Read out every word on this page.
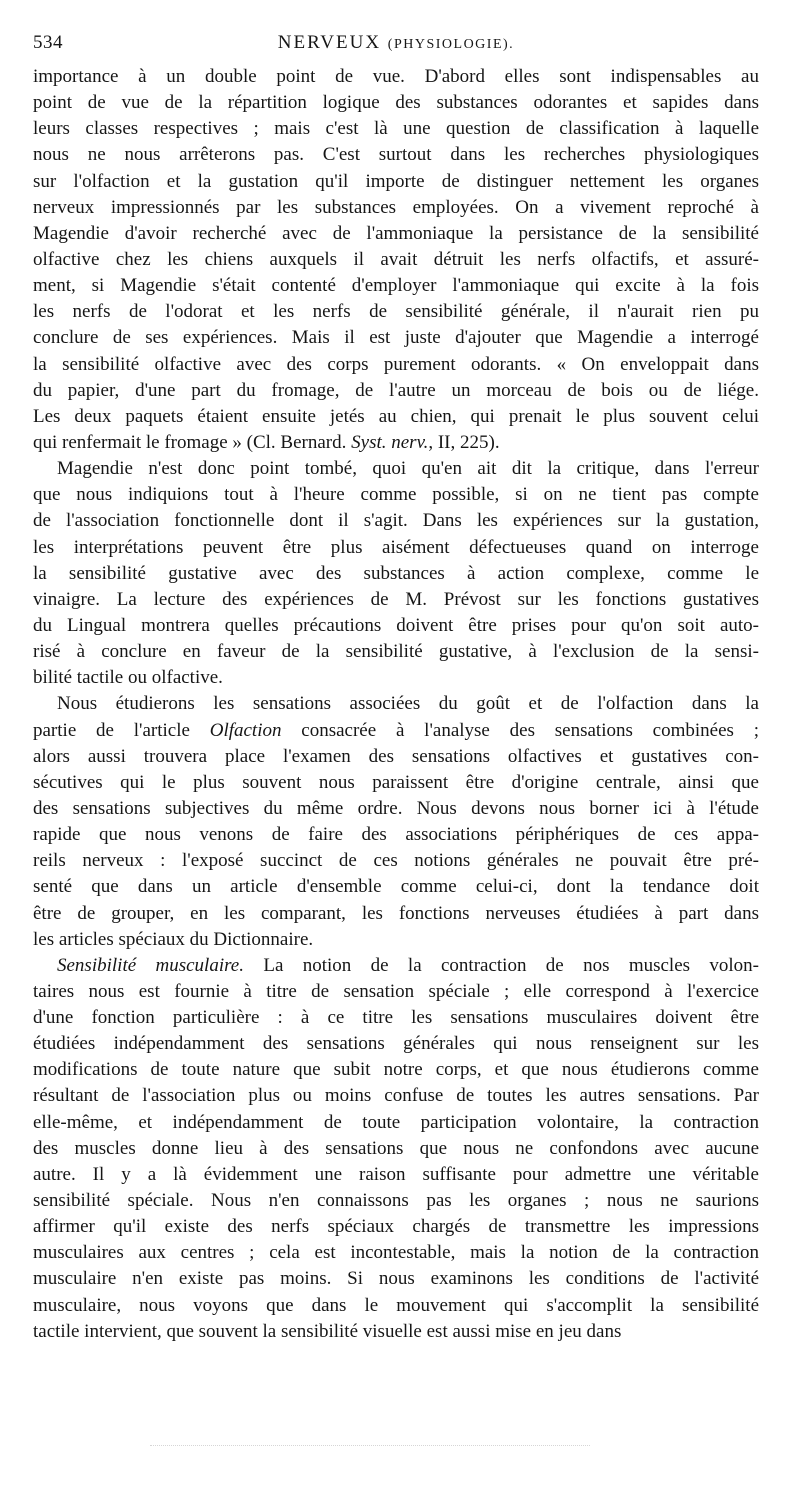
534	NERVEUX (PHYSIOLOGIE).
importance à un double point de vue. D'abord elles sont indispensables au
point de vue de la répartition logique des substances odorantes et sapides dans
leurs classes respectives ; mais c'est là une question de classification à laquelle
nous ne nous arrêterons pas. C'est surtout dans les recherches physiologiques
sur l'olfaction et la gustation qu'il importe de distinguer nettement les organes
nerveux impressionnés par les substances employées. On a vivement reproché à
Magendie d'avoir recherché avec de l'ammoniaque la persistance de la sensibilité
olfactive chez les chiens auxquels il avait détruit les nerfs olfactifs, et assuré-
ment, si Magendie s'était contenté d'employer l'ammoniaque qui excite à la fois
les nerfs de l'odorat et les nerfs de sensibilité générale, il n'aurait rien pu
conclure de ses expériences. Mais il est juste d'ajouter que Magendie a interrogé
la sensibilité olfactive avec des corps purement odorants. « On enveloppait dans
du papier, d'une part du fromage, de l'autre un morceau de bois ou de liége.
Les deux paquets étaient ensuite jetés au chien, qui prenait le plus souvent celui
qui renfermait le fromage » (Cl. Bernard. Syst. nerv., II, 225).
Magendie n'est donc point tombé, quoi qu'en ait dit la critique, dans l'erreur
que nous indiquions tout à l'heure comme possible, si on ne tient pas compte
de l'association fonctionnelle dont il s'agit. Dans les expériences sur la gustation,
les interprétations peuvent être plus aisément défectueuses quand on interroge
la sensibilité gustative avec des substances à action complexe, comme le
vinaigre. La lecture des expériences de M. Prévost sur les fonctions gustatives
du Lingual montrera quelles précautions doivent être prises pour qu'on soit auto-
risé à conclure en faveur de la sensibilité gustative, à l'exclusion de la sensi-
bilité tactile ou olfactive.
Nous étudierons les sensations associées du goût et de l'olfaction dans la
partie de l'article Olfaction consacrée à l'analyse des sensations combinées ;
alors aussi trouvera place l'examen des sensations olfactives et gustatives con-
sécutives qui le plus souvent nous paraissent être d'origine centrale, ainsi que
des sensations subjectives du même ordre. Nous devons nous borner ici à l'étude
rapide que nous venons de faire des associations périphériques de ces appa-
reils nerveux : l'exposé succinct de ces notions générales ne pouvait être pré-
senté que dans un article d'ensemble comme celui-ci, dont la tendance doit
être de grouper, en les comparant, les fonctions nerveuses étudiées à part dans
les articles spéciaux du Dictionnaire.
Sensibilité musculaire. La notion de la contraction de nos muscles volon-
taires nous est fournie à titre de sensation spéciale ; elle correspond à l'exercice
d'une fonction particulière : à ce titre les sensations musculaires doivent être
étudiées indépendamment des sensations générales qui nous renseignent sur les
modifications de toute nature que subit notre corps, et que nous étudierons comme
résultant de l'association plus ou moins confuse de toutes les autres sensations. Par
elle-même, et indépendamment de toute participation volontaire, la contraction
des muscles donne lieu à des sensations que nous ne confondons avec aucune
autre. Il y a là évidemment une raison suffisante pour admettre une véritable
sensibilité spéciale. Nous n'en connaissons pas les organes ; nous ne saurions
affirmer qu'il existe des nerfs spéciaux chargés de transmettre les impressions
musculaires aux centres ; cela est incontestable, mais la notion de la contraction
musculaire n'en existe pas moins. Si nous examinons les conditions de l'activité
musculaire, nous voyons que dans le mouvement qui s'accomplit la sensibilité
tactile intervient, que souvent la sensibilité visuelle est aussi mise en jeu dans
